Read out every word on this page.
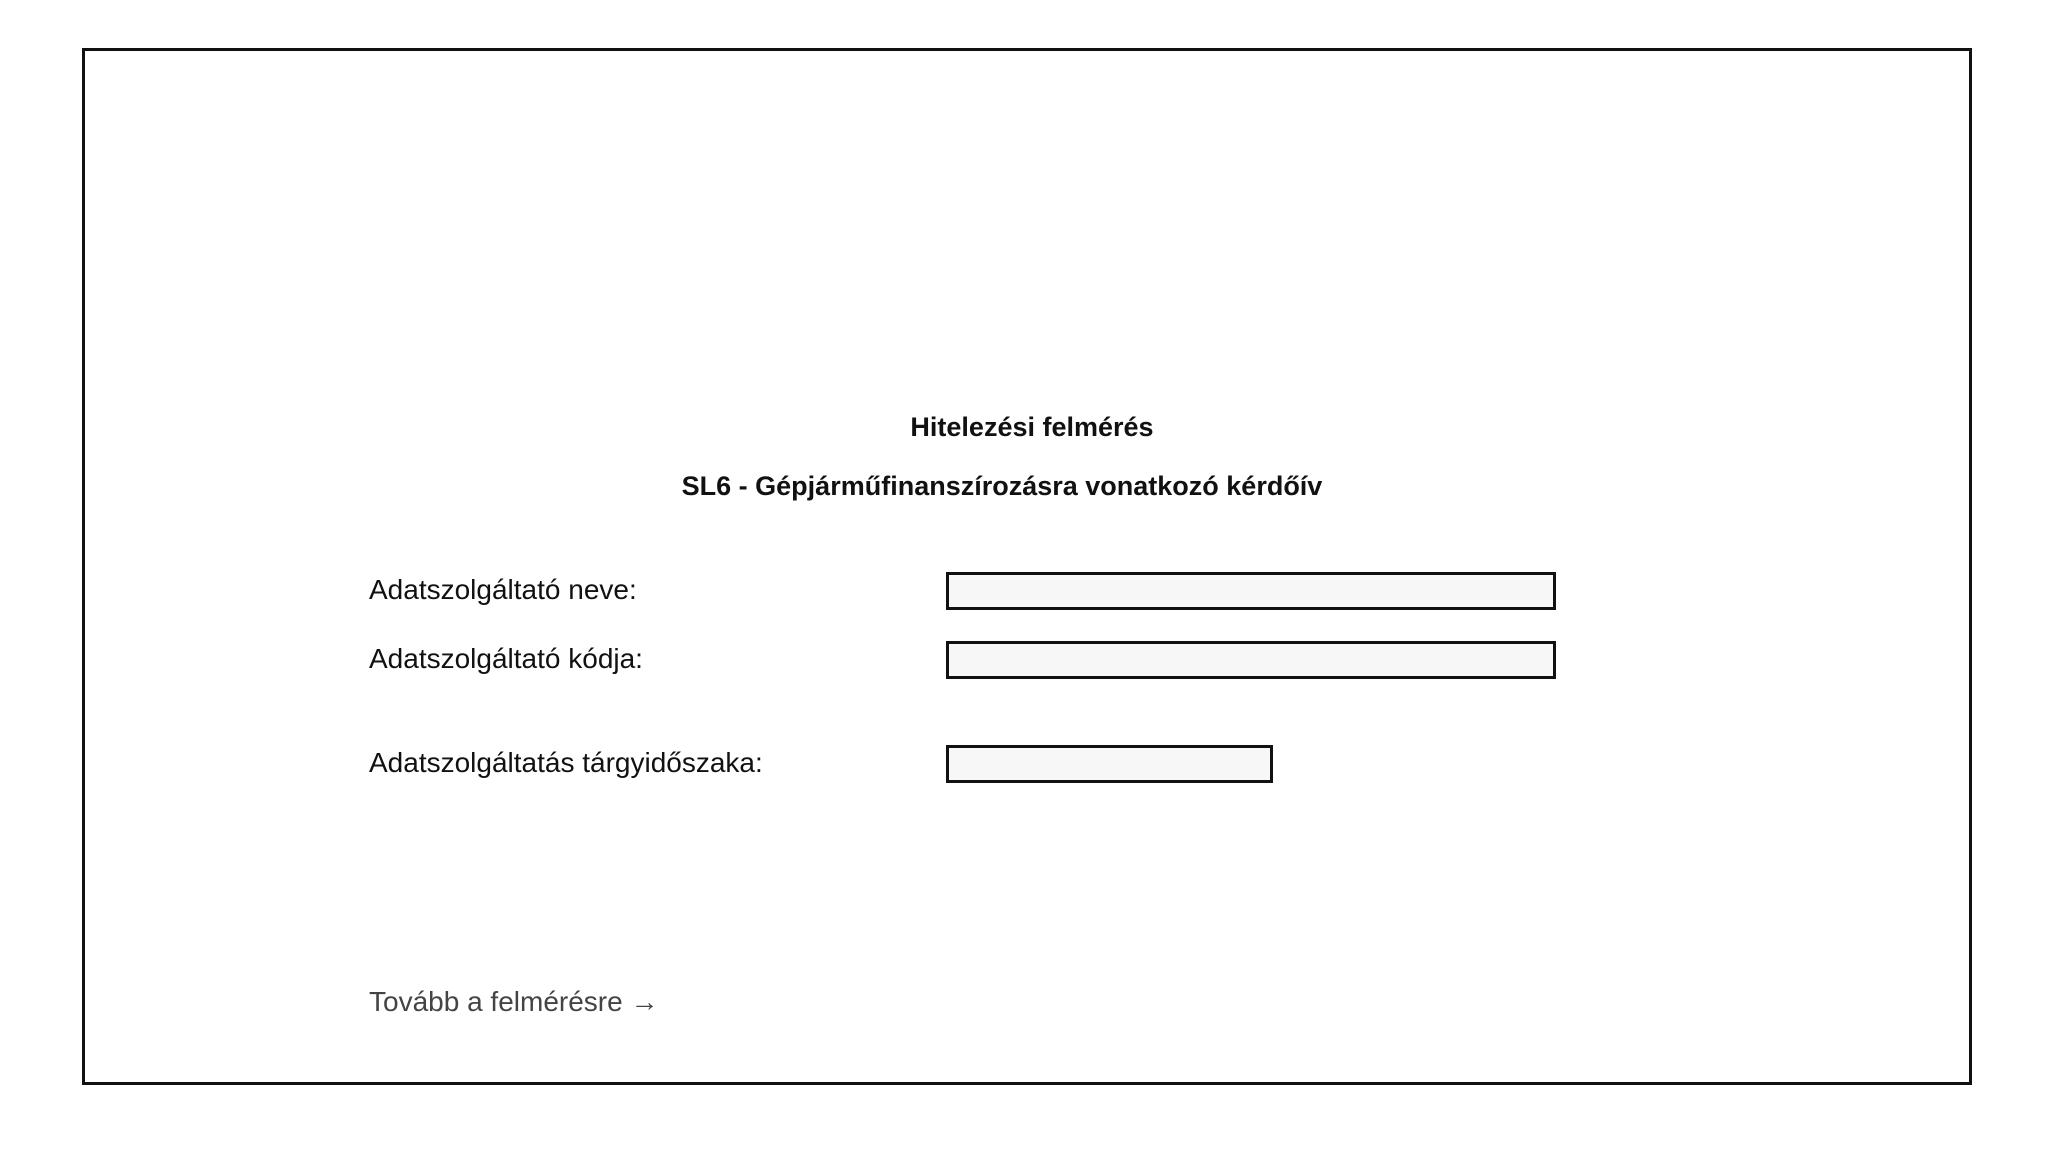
Hitelezési felmérés
SL6 - Gépjárműfinanszírozásra vonatkozó kérdőív
Adatszolgáltató neve:
Adatszolgáltató kódja:
Adatszolgáltatás tárgyidőszaka:
Tovább a felmérésre →
